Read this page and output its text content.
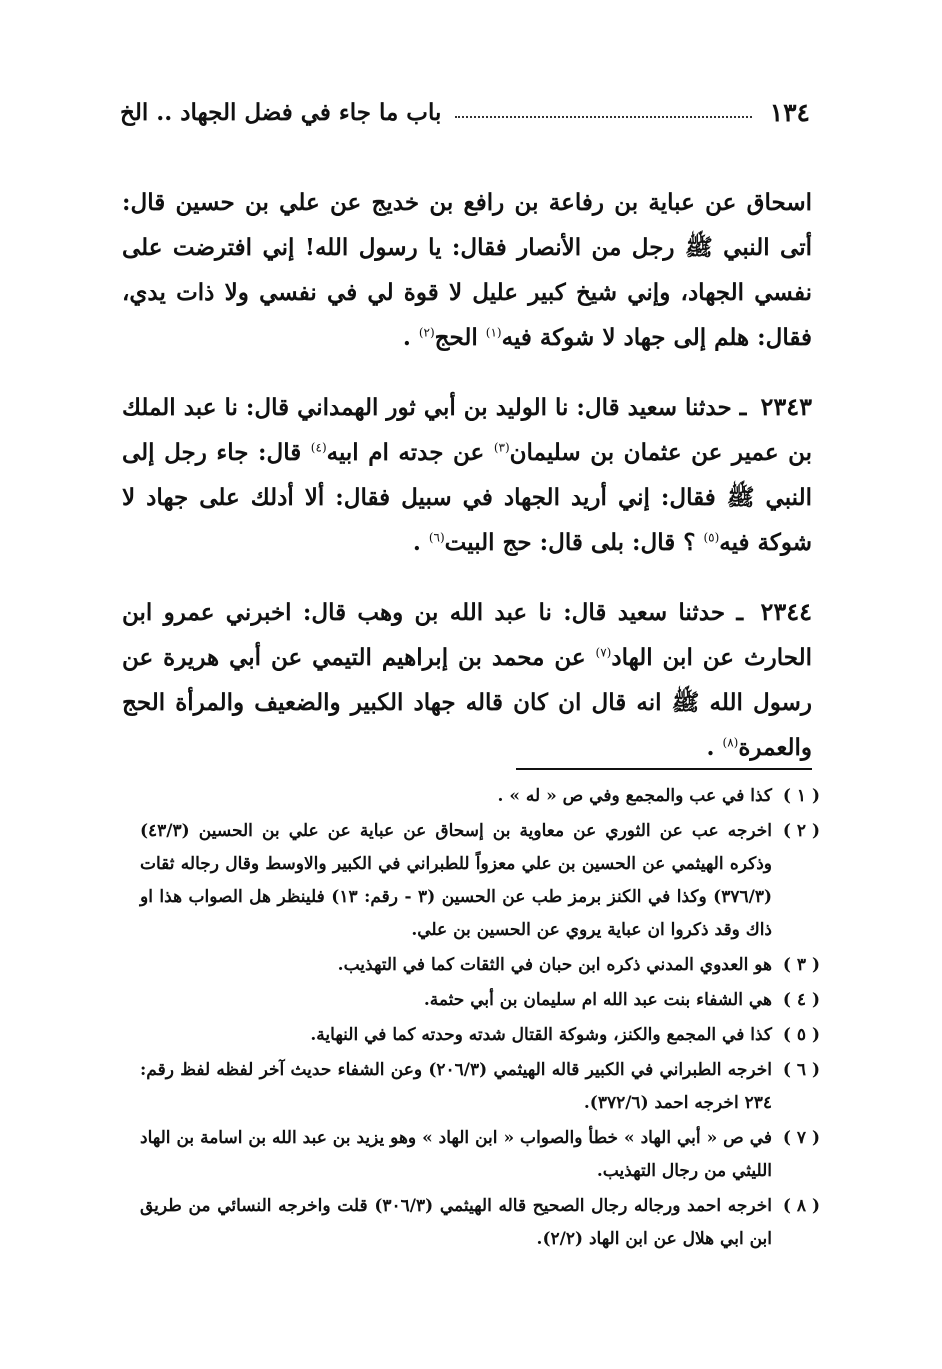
١٣٤
باب ما جاء في فضل الجهاد .. الخ

اسحاق عن عباية بن رفاعة بن رافع بن خديج عن علي بن حسين قال: أتى النبي ﷺ رجل من الأنصار فقال: يا رسول الله! إني افترضت على نفسي الجهاد، وإني شيخ كبير عليل لا قوة لي في نفسي ولا ذات يدي، فقال: هلم إلى جهاد لا شوكة فيه$^{(١)}$ الحج$^{(٢)}$ .

٢٣٤٣ ـ حدثنا سعيد قال: نا الوليد بن أبي ثور الهمداني قال: نا عبد الملك بن عمير عن عثمان بن سليمان$^{(٣)}$ عن جدته ام ابيه$^{(٤)}$ قال: جاء رجل إلى النبي ﷺ فقال: إني أريد الجهاد في سبيل فقال: ألا أدلك على جهاد لا شوكة فيه$^{(٥)}$ ؟ قال: بلى قال: حج البيت$^{(٦)}$ .

٢٣٤٤ ـ حدثنا سعيد قال: نا عبد الله بن وهب قال: اخبرني عمرو ابن الحارث عن ابن الهاد$^{(٧)}$ عن محمد بن إبراهيم التيمي عن أبي هريرة عن رسول الله ﷺ انه قال ان كان قاله جهاد الكبير والضعيف والمرأة الحج والعمرة$^{(٨)}$ .

( ١ )
كذا في عب والمجمع وفي ص « له » .
( ٢ )
اخرجه عب عن الثوري عن معاوية بن إسحاق عن عباية عن علي بن الحسين (٤٣/٣) وذكره الهيثمي عن الحسين بن علي معزواً للطبراني في الكبير والاوسط وقال رجاله ثقات (٣٧٦/٣) وكذا في الكنز برمز طب عن الحسين (٣ - رقم: ١٣) فلينظر هل الصواب هذا او ذاك وقد ذكروا ان عباية يروي عن الحسين بن علي.
( ٣ )
هو العدوي المدني ذكره ابن حبان في الثقات كما في التهذيب.
( ٤ )
هي الشفاء بنت عبد الله ام سليمان بن أبي حثمة.
( ٥ )
كذا في المجمع والكنز، وشوكة القتال شدته وحدته كما في النهاية.
( ٦ )
اخرجه الطبراني في الكبير قاله الهيثمي (٢٠٦/٣) وعن الشفاء حديث آخر لفظه لفظ رقم: ٢٣٤ اخرجه احمد (٣٧٢/٦).
( ٧ )
في ص « أبي الهاد » خطأ والصواب « ابن الهاد » وهو يزيد بن عبد الله بن اسامة بن الهاد الليثي من رجال التهذيب.
( ٨ )
اخرجه احمد ورجاله رجال الصحيح قاله الهيثمي (٣٠٦/٣) قلت واخرجه النسائي من طريق ابن ابي هلال عن ابن الهاد (٢/٢).
